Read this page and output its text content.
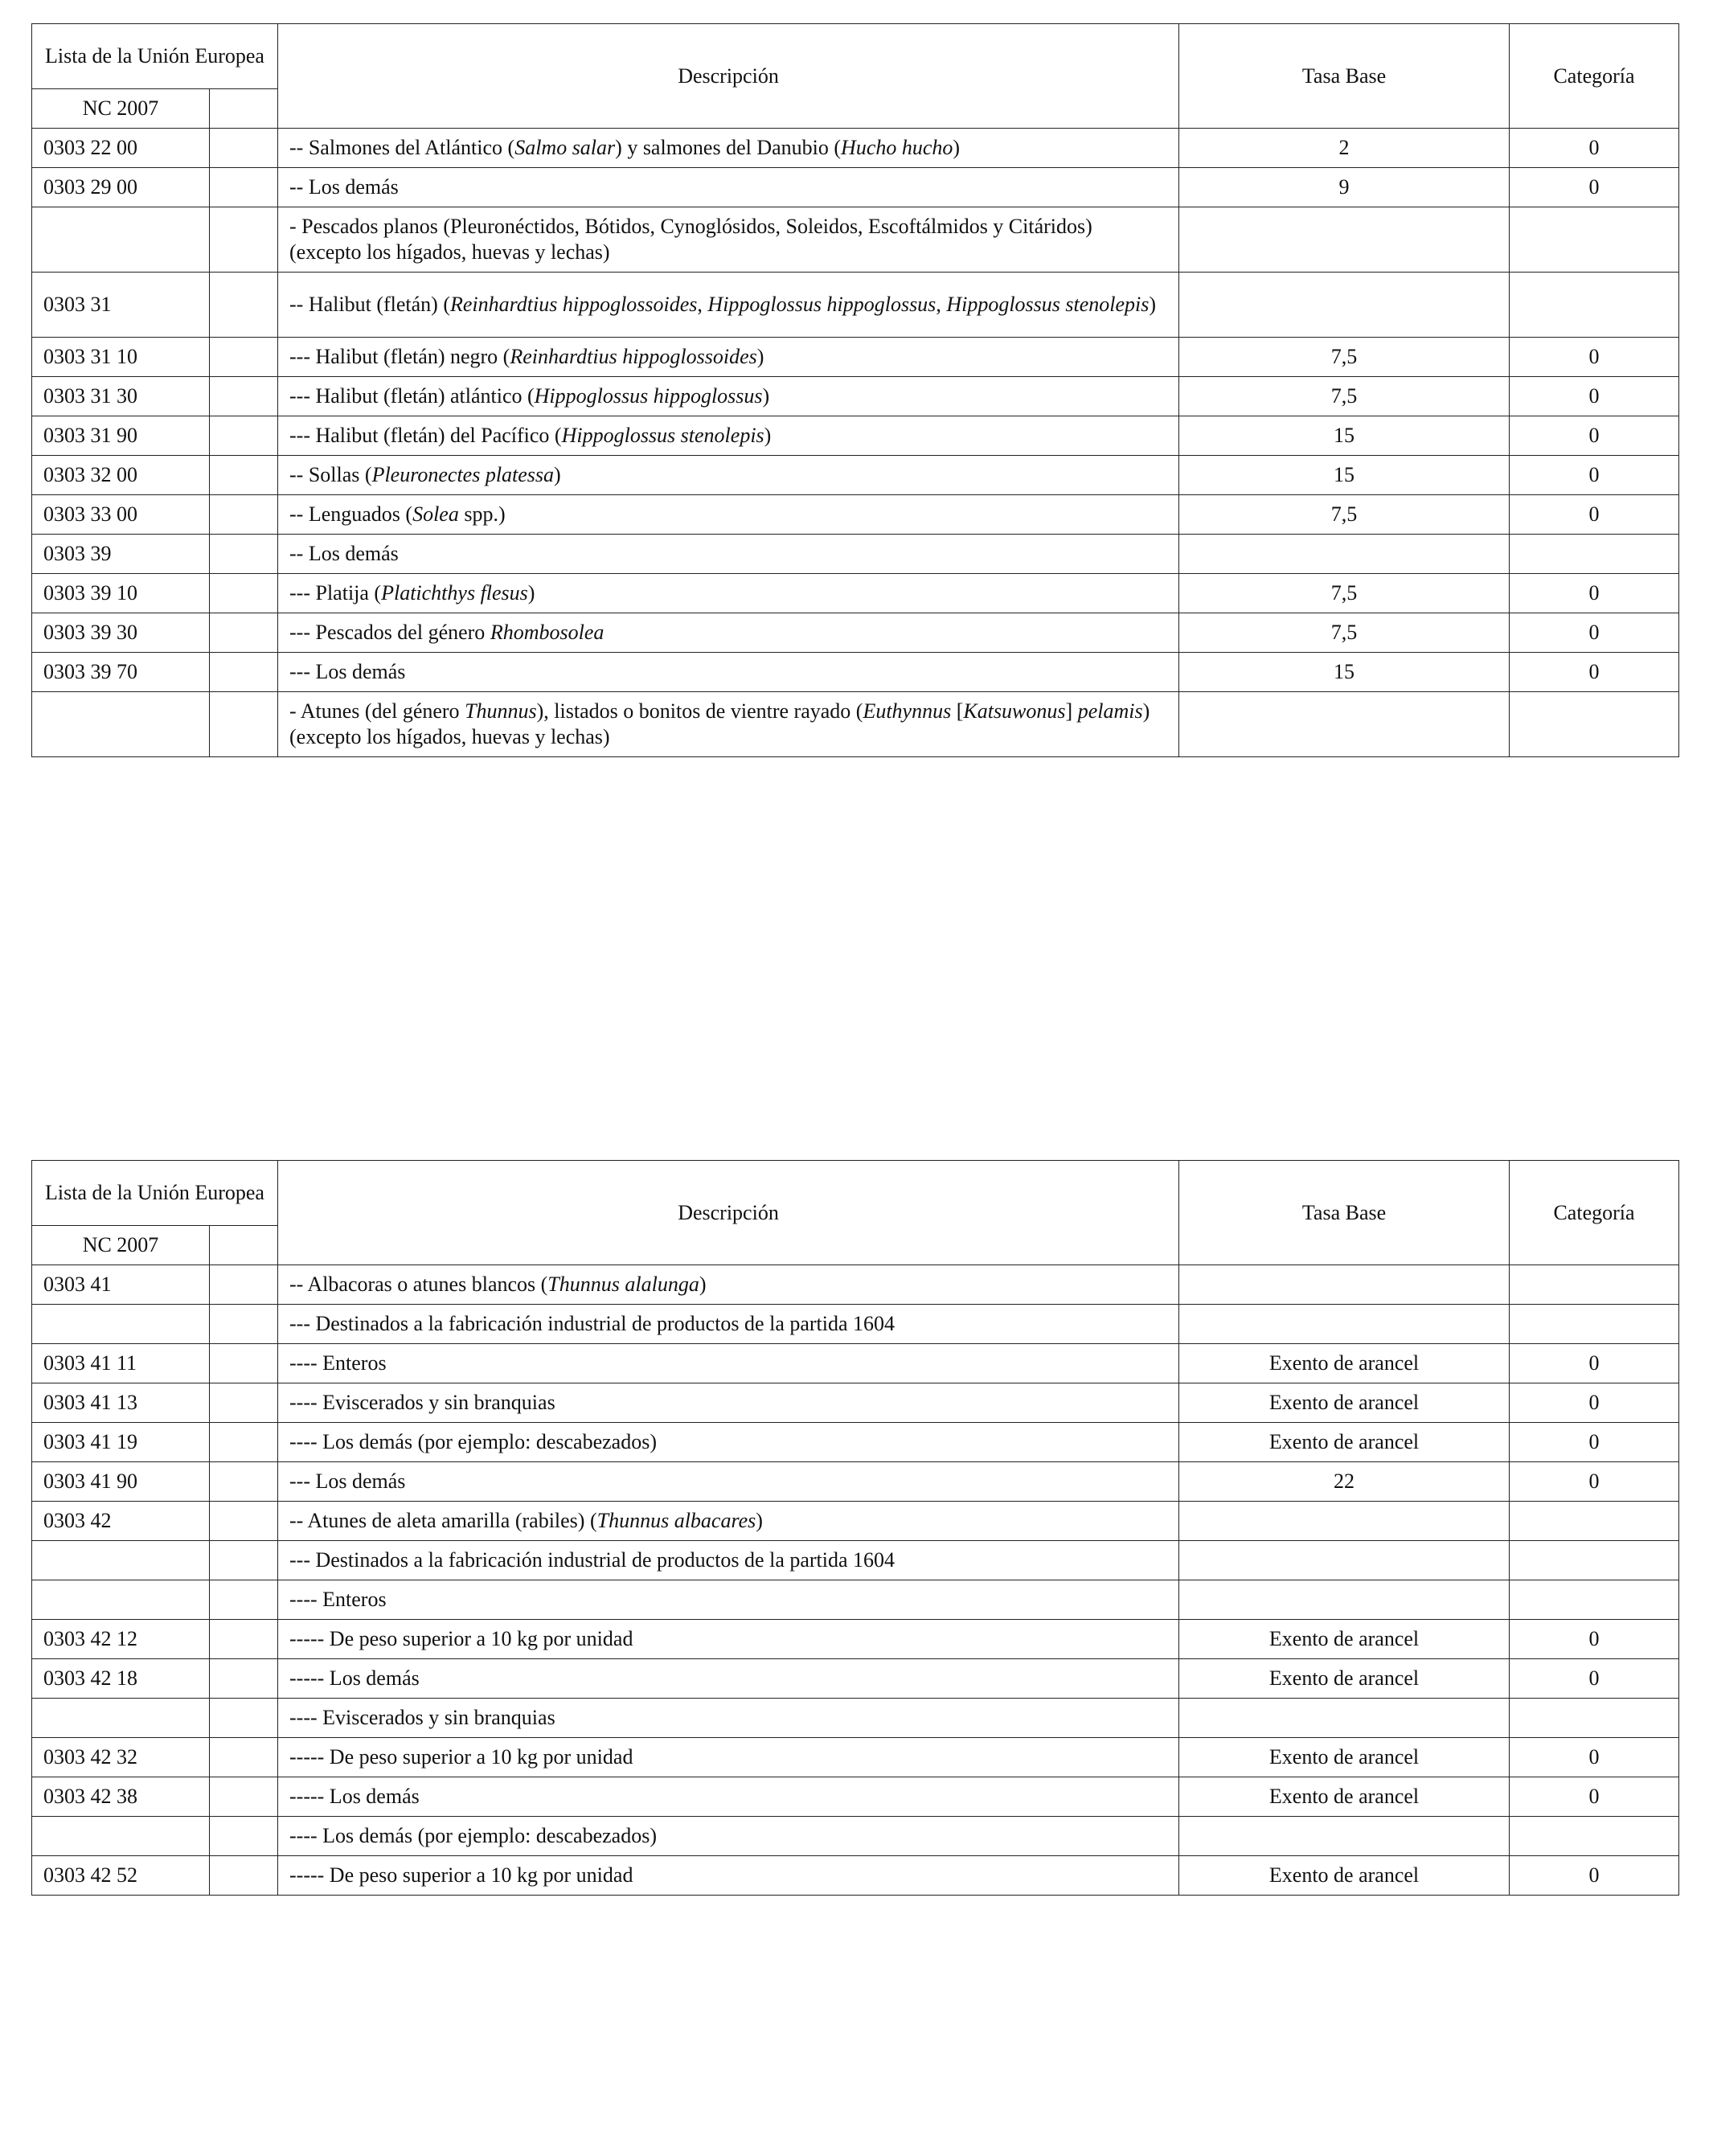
Lista de la Unión Europea		Descripción	Tasa Base	Categoría
NC 2007				
0303 22 00		-- Salmones del Atlántico (Salmo salar) y salmones del Danubio (Hucho hucho)	2	0
0303 29 00		-- Los demás	9	0
		- Pescados planos (Pleuronéctidos, Bótidos, Cynoglósidos, Soleidos, Escoftálmidos y Citáridos) (excepto los hígados, huevas y lechas)		
0303 31		-- Halibut (fletán) (Reinhardtius hippoglossoides, Hippoglossus hippoglossus, Hippoglossus stenolepis)		
0303 31 10		--- Halibut (fletán) negro (Reinhardtius hippoglossoides)	7,5	0
0303 31 30		--- Halibut (fletán) atlántico (Hippoglossus hippoglossus)	7,5	0
0303 31 90		--- Halibut (fletán) del Pacífico (Hippoglossus stenolepis)	15	0
0303 32 00		-- Sollas (Pleuronectes platessa)	15	0
0303 33 00		-- Lenguados (Solea spp.)	7,5	0
0303 39		-- Los demás		
0303 39 10		--- Platija (Platichthys flesus)	7,5	0
0303 39 30		--- Pescados del género Rhombosolea	7,5	0
0303 39 70		--- Los demás	15	0
		- Atunes (del género Thunnus), listados o bonitos de vientre rayado (Euthynnus [Katsuwonus] pelamis) (excepto los hígados, huevas y lechas)		
Lista de la Unión Europea		Descripción	Tasa Base	Categoría
NC 2007				
0303 41		-- Albacoras o atunes blancos (Thunnus alalunga)		
		--- Destinados a la fabricación industrial de productos de la partida 1604		
0303 41 11		---- Enteros	Exento de arancel	0
0303 41 13		---- Eviscerados y sin branquias	Exento de arancel	0
0303 41 19		---- Los demás (por ejemplo: descabezados)	Exento de arancel	0
0303 41 90		--- Los demás	22	0
0303 42		-- Atunes de aleta amarilla (rabiles) (Thunnus albacares)		
		--- Destinados a la fabricación industrial de productos de la partida 1604		
		---- Enteros		
0303 42 12		----- De peso superior a 10 kg por unidad	Exento de arancel	0
0303 42 18		----- Los demás	Exento de arancel	0
		---- Eviscerados y sin branquias		
0303 42 32		----- De peso superior a 10 kg por unidad	Exento de arancel	0
0303 42 38		----- Los demás	Exento de arancel	0
		---- Los demás (por ejemplo: descabezados)		
0303 42 52		----- De peso superior a 10 kg por unidad	Exento de arancel	0
